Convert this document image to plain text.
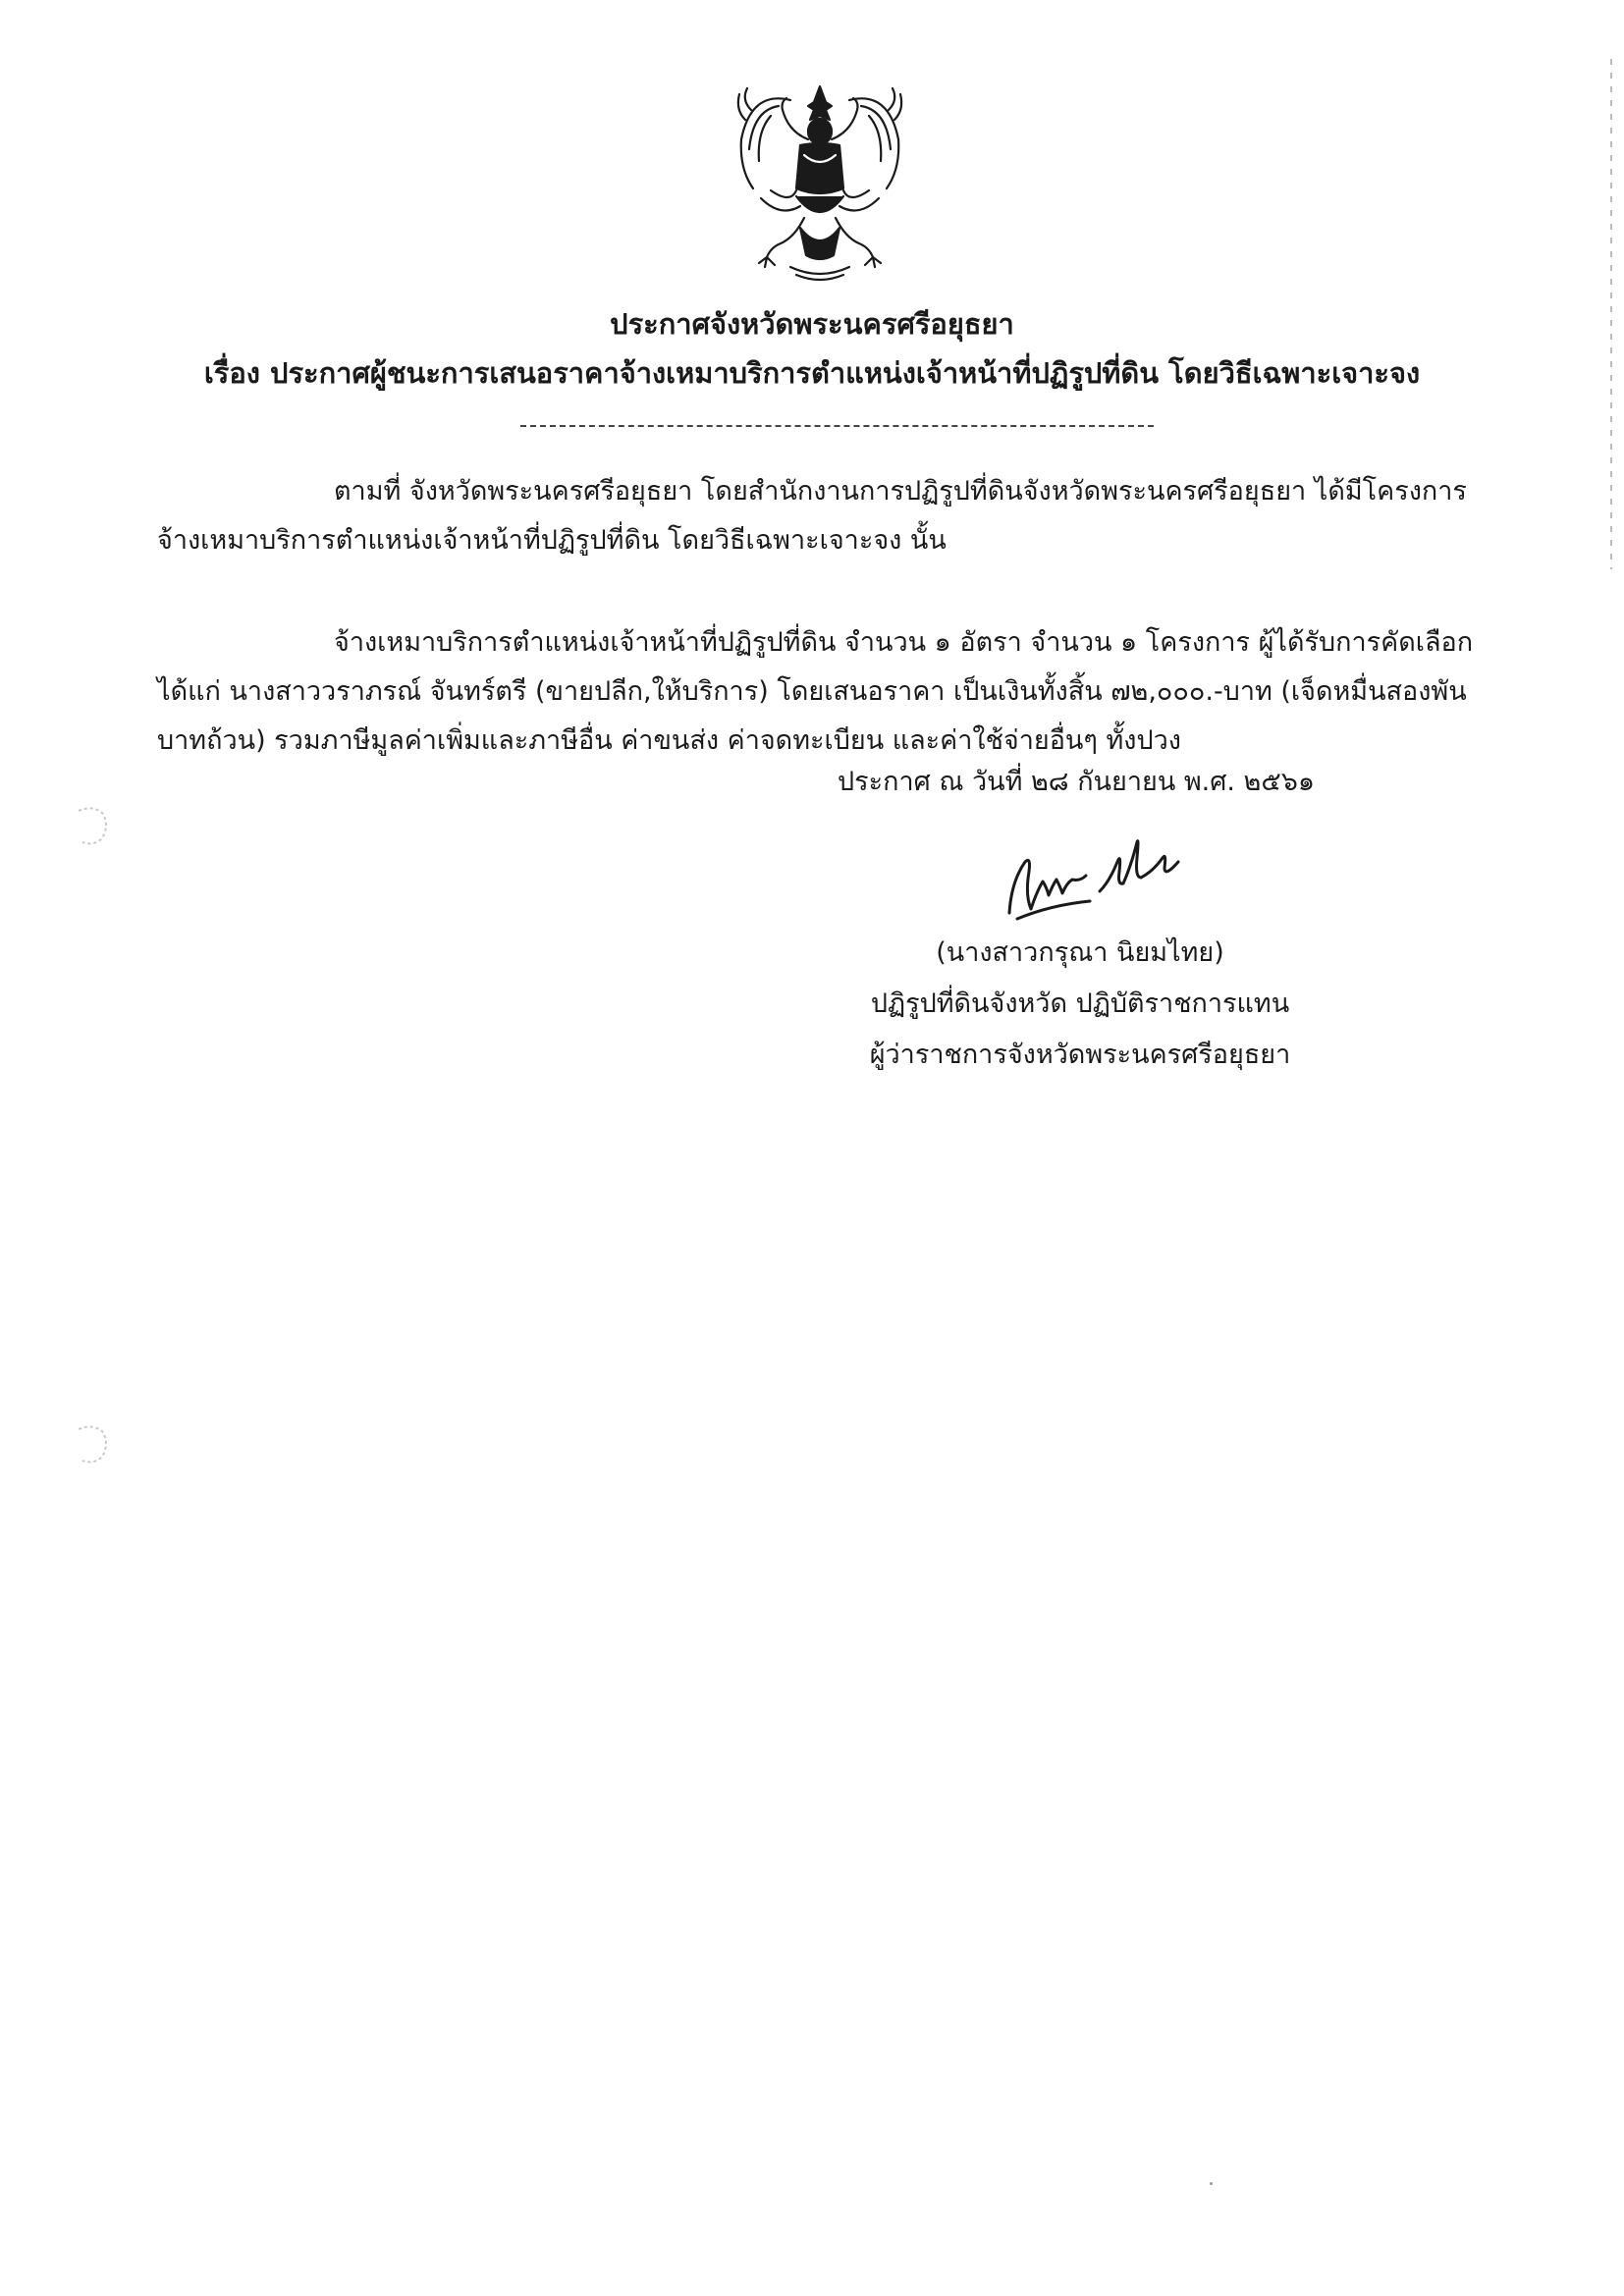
ประกาศจังหวัดพระนครศรีอยุธยา
เรื่อง ประกาศผู้ชนะการเสนอราคาจ้างเหมาบริการตำแหน่งเจ้าหน้าที่ปฏิรูปที่ดิน โดยวิธีเฉพาะเจาะจง
ตามที่ จังหวัดพระนครศรีอยุธยา โดยสำนักงานการปฏิรูปที่ดินจังหวัดพระนครศรีอยุธยา ได้มีโครงการ
จ้างเหมาบริการตำแหน่งเจ้าหน้าที่ปฏิรูปที่ดิน โดยวิธีเฉพาะเจาะจง นั้น
จ้างเหมาบริการตำแหน่งเจ้าหน้าที่ปฏิรูปที่ดิน จำนวน ๑ อัตรา จำนวน ๑ โครงการ ผู้ได้รับการคัดเลือก
ได้แก่ นางสาววราภรณ์ จันทร์ตรี (ขายปลีก,ให้บริการ) โดยเสนอราคา เป็นเงินทั้งสิ้น ๗๒,๐๐๐.-บาท (เจ็ดหมื่นสองพัน
บาทถ้วน) รวมภาษีมูลค่าเพิ่มและภาษีอื่น ค่าขนส่ง ค่าจดทะเบียน และค่าใช้จ่ายอื่นๆ ทั้งปวง
ประกาศ ณ วันที่ ๒๘ กันยายน พ.ศ. ๒๕๖๑
(นางสาวกรุณา นิยมไทย)
ปฏิรูปที่ดินจังหวัด ปฏิบัติราชการแทน
ผู้ว่าราชการจังหวัดพระนครศรีอยุธยา
